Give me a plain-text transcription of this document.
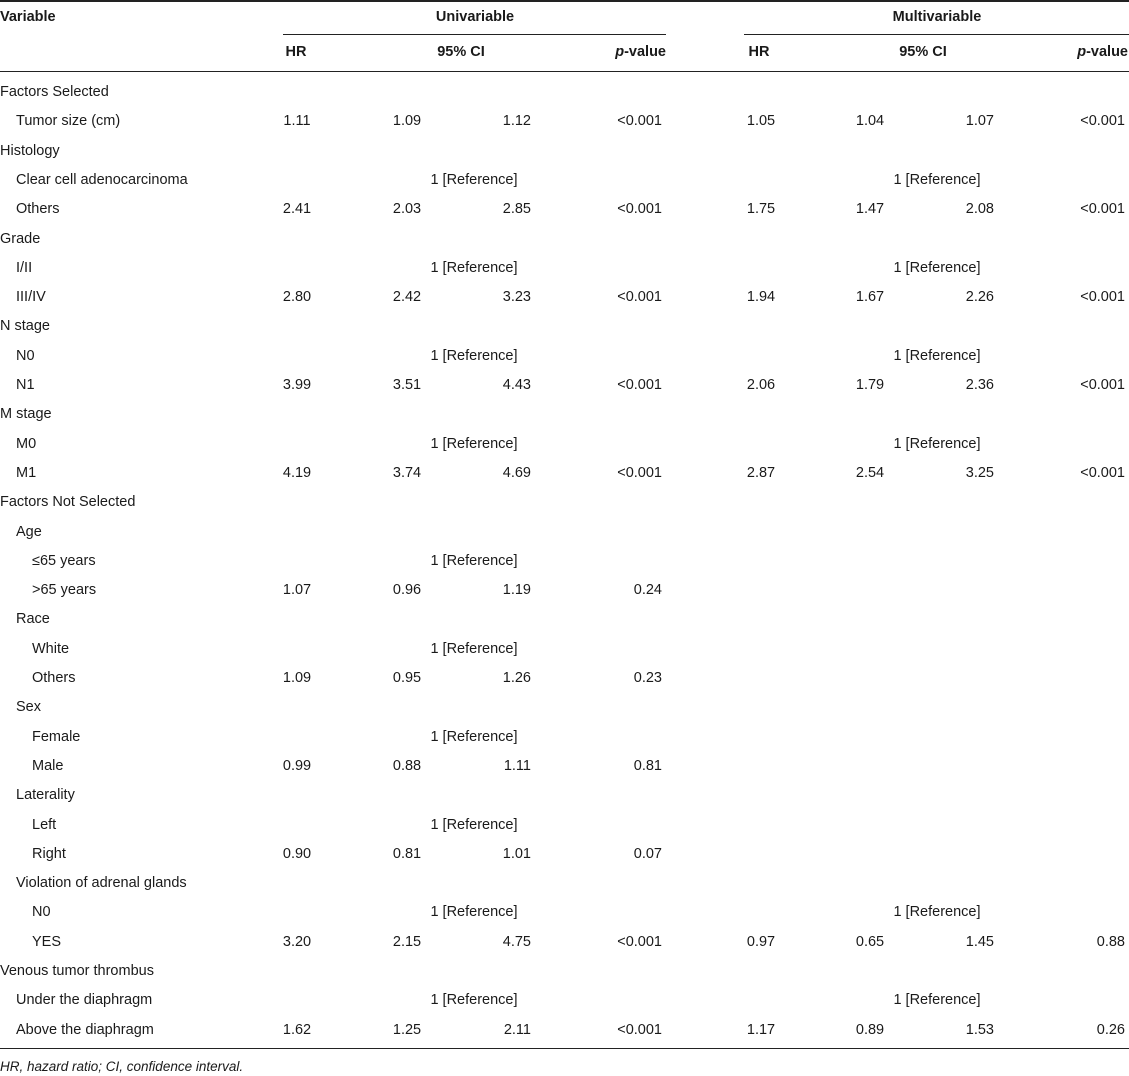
Variable	Univariable	Multivariable
HR	95% CI	p-value	HR	95% CI	p-value
Factors Selected
Tumor size (cm)	1.11	1.09	1.12	<0.001	1.05	1.04	1.07	<0.001
Histology
Clear cell adenocarcinoma	1 [Reference]	1 [Reference]
Others	2.41	2.03	2.85	<0.001	1.75	1.47	2.08	<0.001
Grade
I/II	1 [Reference]	1 [Reference]
III/IV	2.80	2.42	3.23	<0.001	1.94	1.67	2.26	<0.001
N stage
N0	1 [Reference]	1 [Reference]
N1	3.99	3.51	4.43	<0.001	2.06	1.79	2.36	<0.001
M stage
M0	1 [Reference]	1 [Reference]
M1	4.19	3.74	4.69	<0.001	2.87	2.54	3.25	<0.001
Factors Not Selected
Age
≤65 years	1 [Reference]
>65 years	1.07	0.96	1.19	0.24
Race
White	1 [Reference]
Others	1.09	0.95	1.26	0.23
Sex
Female	1 [Reference]
Male	0.99	0.88	1.11	0.81
Laterality
Left	1 [Reference]
Right	0.90	0.81	1.01	0.07
Violation of adrenal glands
N0	1 [Reference]	1 [Reference]
YES	3.20	2.15	4.75	<0.001	0.97	0.65	1.45	0.88
Venous tumor thrombus
Under the diaphragm	1 [Reference]	1 [Reference]
Above the diaphragm	1.62	1.25	2.11	<0.001	1.17	0.89	1.53	0.26
HR, hazard ratio; CI, confidence interval.
